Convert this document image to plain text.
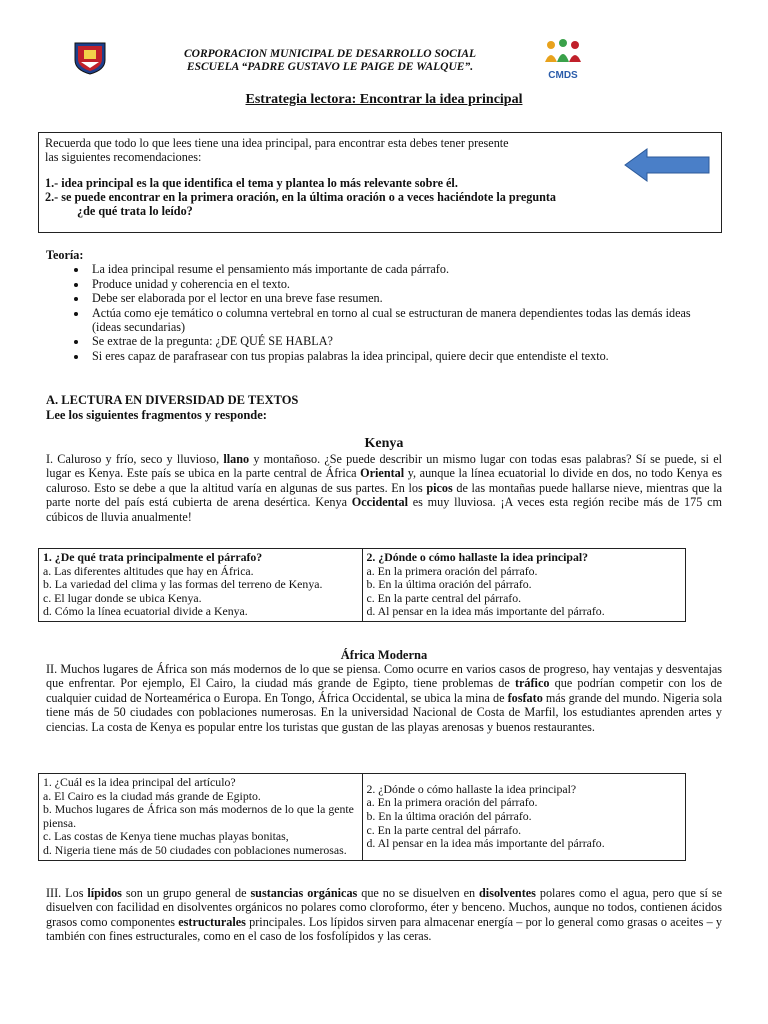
CORPORACION MUNICIPAL DE DESARROLLO SOCIAL
ESCUELA “PADRE GUSTAVO LE PAIGE DE WALQUE”.
CMDS
Estrategia lectora: Encontrar la idea principal

Recuerda que todo lo que lees tiene una idea principal, para encontrar esta debes tener presente

las siguientes recomendaciones:

1.- idea principal es la que identifica el tema y plantea lo más relevante sobre él.

2.- se puede encontrar en la primera oración, en la última oración o a veces haciéndote la pregunta

¿de qué trata lo leído?

Teoría:
• La idea principal resume el pensamiento más importante de cada párrafo.
• Produce unidad y coherencia en el texto.
• Debe ser elaborada por el lector en una breve fase resumen.
• Actúa como eje temático o columna vertebral en torno al cual se estructuran de manera dependientes todas las demás ideas (ideas secundarias)
• Se extrae de la pregunta: ¿DE QUÉ SE HABLA?
• Si eres capaz de parafrasear con tus propias palabras la idea principal, quiere decir que entendiste el texto.
A. LECTURA EN DIVERSIDAD DE TEXTOS
Lee los siguientes fragmentos y responde:
Kenya
I. Caluroso y frío, seco y lluvioso, llano y montañoso. ¿Se puede describir un mismo lugar con todas esas palabras? Sí se puede, si el lugar es Kenya. Este país se ubica en la parte central de África Oriental y, aunque la línea ecuatorial lo divide en dos, no todo Kenya es caluroso. Esto se debe a que la altitud varía en algunas de sus partes. En los picos de las montañas puede hallarse nieve, mientras que la parte norte del país está cubierta de arena desértica. Kenya Occidental es muy lluviosa. ¡A veces esta región recibe más de 175 cm cúbicos de lluvia anualmente!
1. ¿De qué trata principalmente el párrafo?
a. Las diferentes altitudes que hay en África.
b. La variedad del clima y las formas del terreno de Kenya.
c. El lugar donde se ubica Kenya.
d. Cómo la línea ecuatorial divide a Kenya.

2. ¿Dónde o cómo hallaste la idea principal?
a. En la primera oración del párrafo.
b. En la última oración del párrafo.
c. En la parte central del párrafo.
d. Al pensar en la idea más importante del párrafo.
África Moderna
II. Muchos lugares de África son más modernos de lo que se piensa. Como ocurre en varios casos de progreso, hay ventajas y desventajas que enfrentar. Por ejemplo, El Cairo, la ciudad más grande de Egipto, tiene problemas de tráfico que podrían competir con los de cualquier cuidad de Norteamérica o Europa. En Tongo, África Occidental, se ubica la mina de fosfato más grande del mundo. Nigeria sola tiene más de 50 ciudades con poblaciones numerosas. En la universidad Nacional de Costa de Marfil, los estudiantes aprenden artes y ciencias. La costa de Kenya es popular entre los turistas que gustan de las playas arenosas y buenos restaurantes.
1. ¿Cuál es la idea principal del artículo?
a. El Cairo es la ciudad más grande de Egipto.
b. Muchos lugares de África son más modernos de lo que la gente piensa.
c. Las costas de Kenya tiene muchas playas bonitas,
d. Nigeria tiene más de 50 ciudades con poblaciones numerosas.

2. ¿Dónde o cómo hallaste la idea principal?
a. En la primera oración del párrafo.
b. En la última oración del párrafo.
c. En la parte central del párrafo.
d. Al pensar en la idea más importante del párrafo.
III. Los lípidos son un grupo general de sustancias orgánicas que no se disuelven en disolventes polares como el agua, pero que sí se disuelven con facilidad en disolventes orgánicos no polares como cloroformo, éter y benceno. Muchos, aunque no todos, contienen ácidos grasos como componentes estructurales principales. Los lípidos sirven para almacenar energía – por lo general como grasas o aceites – y también con fines estructurales, como en el caso de los fosfolípidos y las ceras.
